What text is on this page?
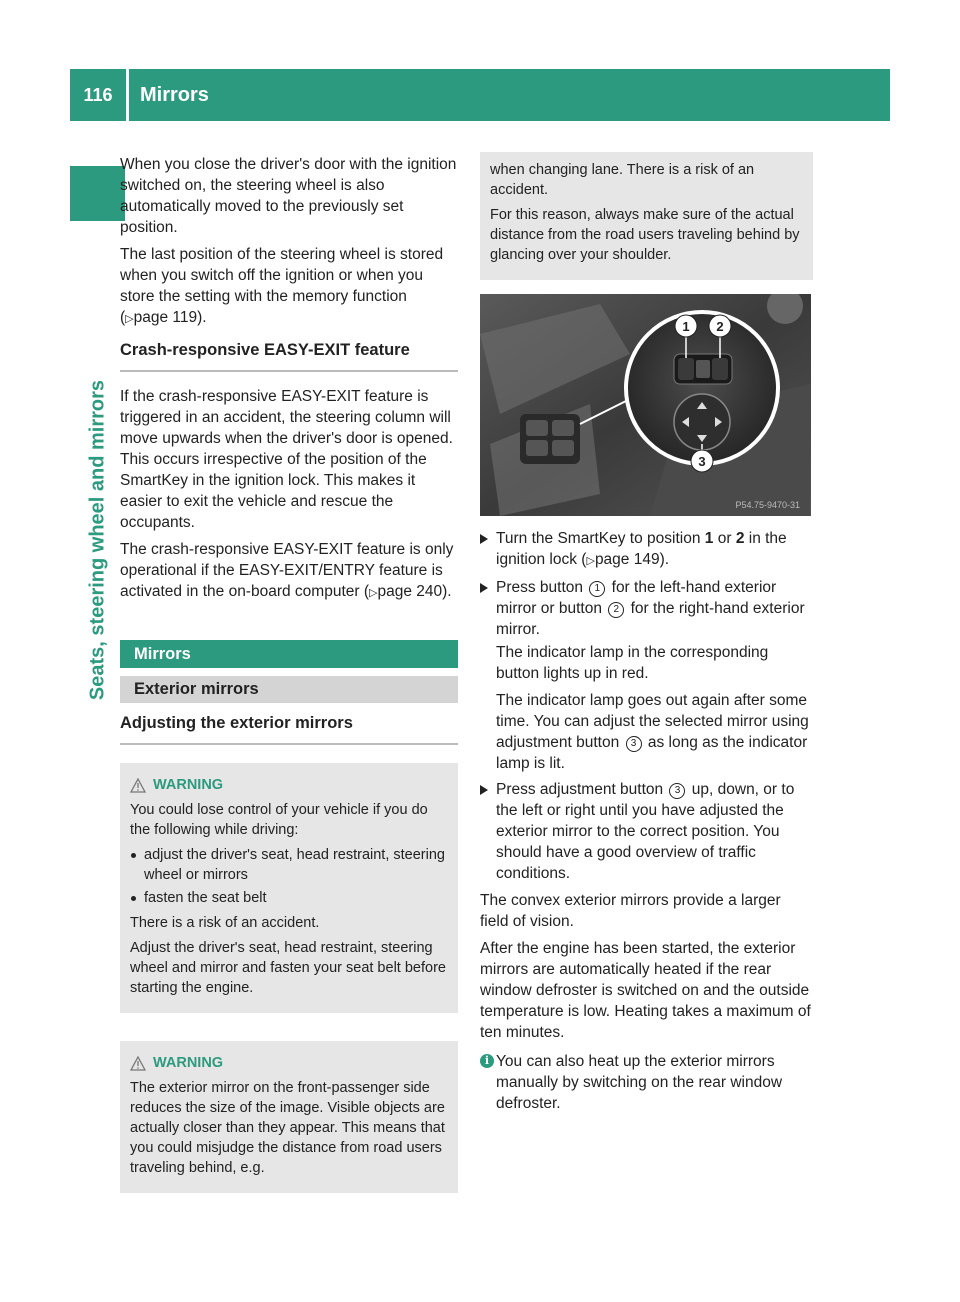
116	Mirrors
Seats, steering wheel and mirrors

When you close the driver's door with the ignition switched on, the steering wheel is also automatically moved to the previously set position.

The last position of the steering wheel is stored when you switch off the ignition or when you store the setting with the memory function (▷page 119).

Crash-responsive EASY-EXIT feature

If the crash-responsive EASY-EXIT feature is triggered in an accident, the steering column will move upwards when the driver's door is opened. This occurs irrespective of the position of the SmartKey in the ignition lock. This makes it easier to exit the vehicle and rescue the occupants.

The crash-responsive EASY-EXIT feature is only operational if the EASY-EXIT/ENTRY feature is activated in the on-board computer (▷page 240).

Mirrors
Exterior mirrors
Adjusting the exterior mirrors
WARNING

You could lose control of your vehicle if you do the following while driving:

adjust the driver's seat, head restraint, steering wheel or mirrors
fasten the seat belt

There is a risk of an accident.

Adjust the driver's seat, head restraint, steering wheel and mirror and fasten your seat belt before starting the engine.

WARNING

The exterior mirror on the front-passenger side reduces the size of the image. Visible objects are actually closer than they appear. This means that you could misjudge the distance from road users traveling behind, e.g.

when changing lane. There is a risk of an accident.

For this reason, always make sure of the actual distance from the road users traveling behind by glancing over your shoulder.

1 2
3
P54.75-9470-31
Turn the SmartKey to position 1 or 2 in the ignition lock (▷page 149).
Press button 1 for the left-hand exterior mirror or button 2 for the right-hand exterior mirror.

The indicator lamp in the corresponding button lights up in red.

The indicator lamp goes out again after some time. You can adjust the selected mirror using adjustment button 3 as long as the indicator lamp is lit.

Press adjustment button 3 up, down, or to the left or right until you have adjusted the exterior mirror to the correct position. You should have a good overview of traffic conditions.

The convex exterior mirrors provide a larger field of vision.

After the engine has been started, the exterior mirrors are automatically heated if the rear window defroster is switched on and the outside temperature is low. Heating takes a maximum of ten minutes.

i You can also heat up the exterior mirrors manually by switching on the rear window defroster.
